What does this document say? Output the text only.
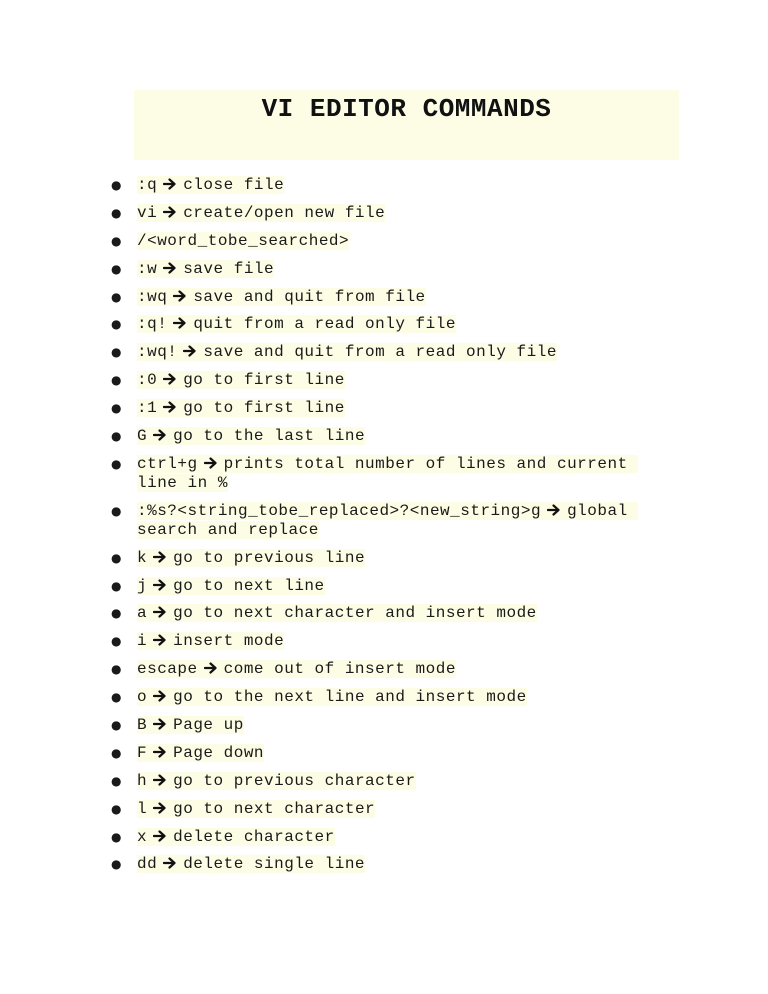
VI EDITOR COMMANDS
● :q close file
● vi create/open new file
● /<word_tobe_searched>
● :w save file
● :wq save and quit from file
● :q! quit from a read only file
● :wq! save and quit from a read only file
● :0 go to first line
● :1 go to first line
● G go to the last line
● ctrl+g prints total number of lines and current line in %
● :%s?<string_tobe_replaced>?<new_string>g global search and replace
● k go to previous line
● j go to next line
● a go to next character and insert mode
● i insert mode
● escape come out of insert mode
● o go to the next line and insert mode
● B Page up
● F Page down
● h go to previous character
● l go to next character
● x delete character
● dd delete single line
